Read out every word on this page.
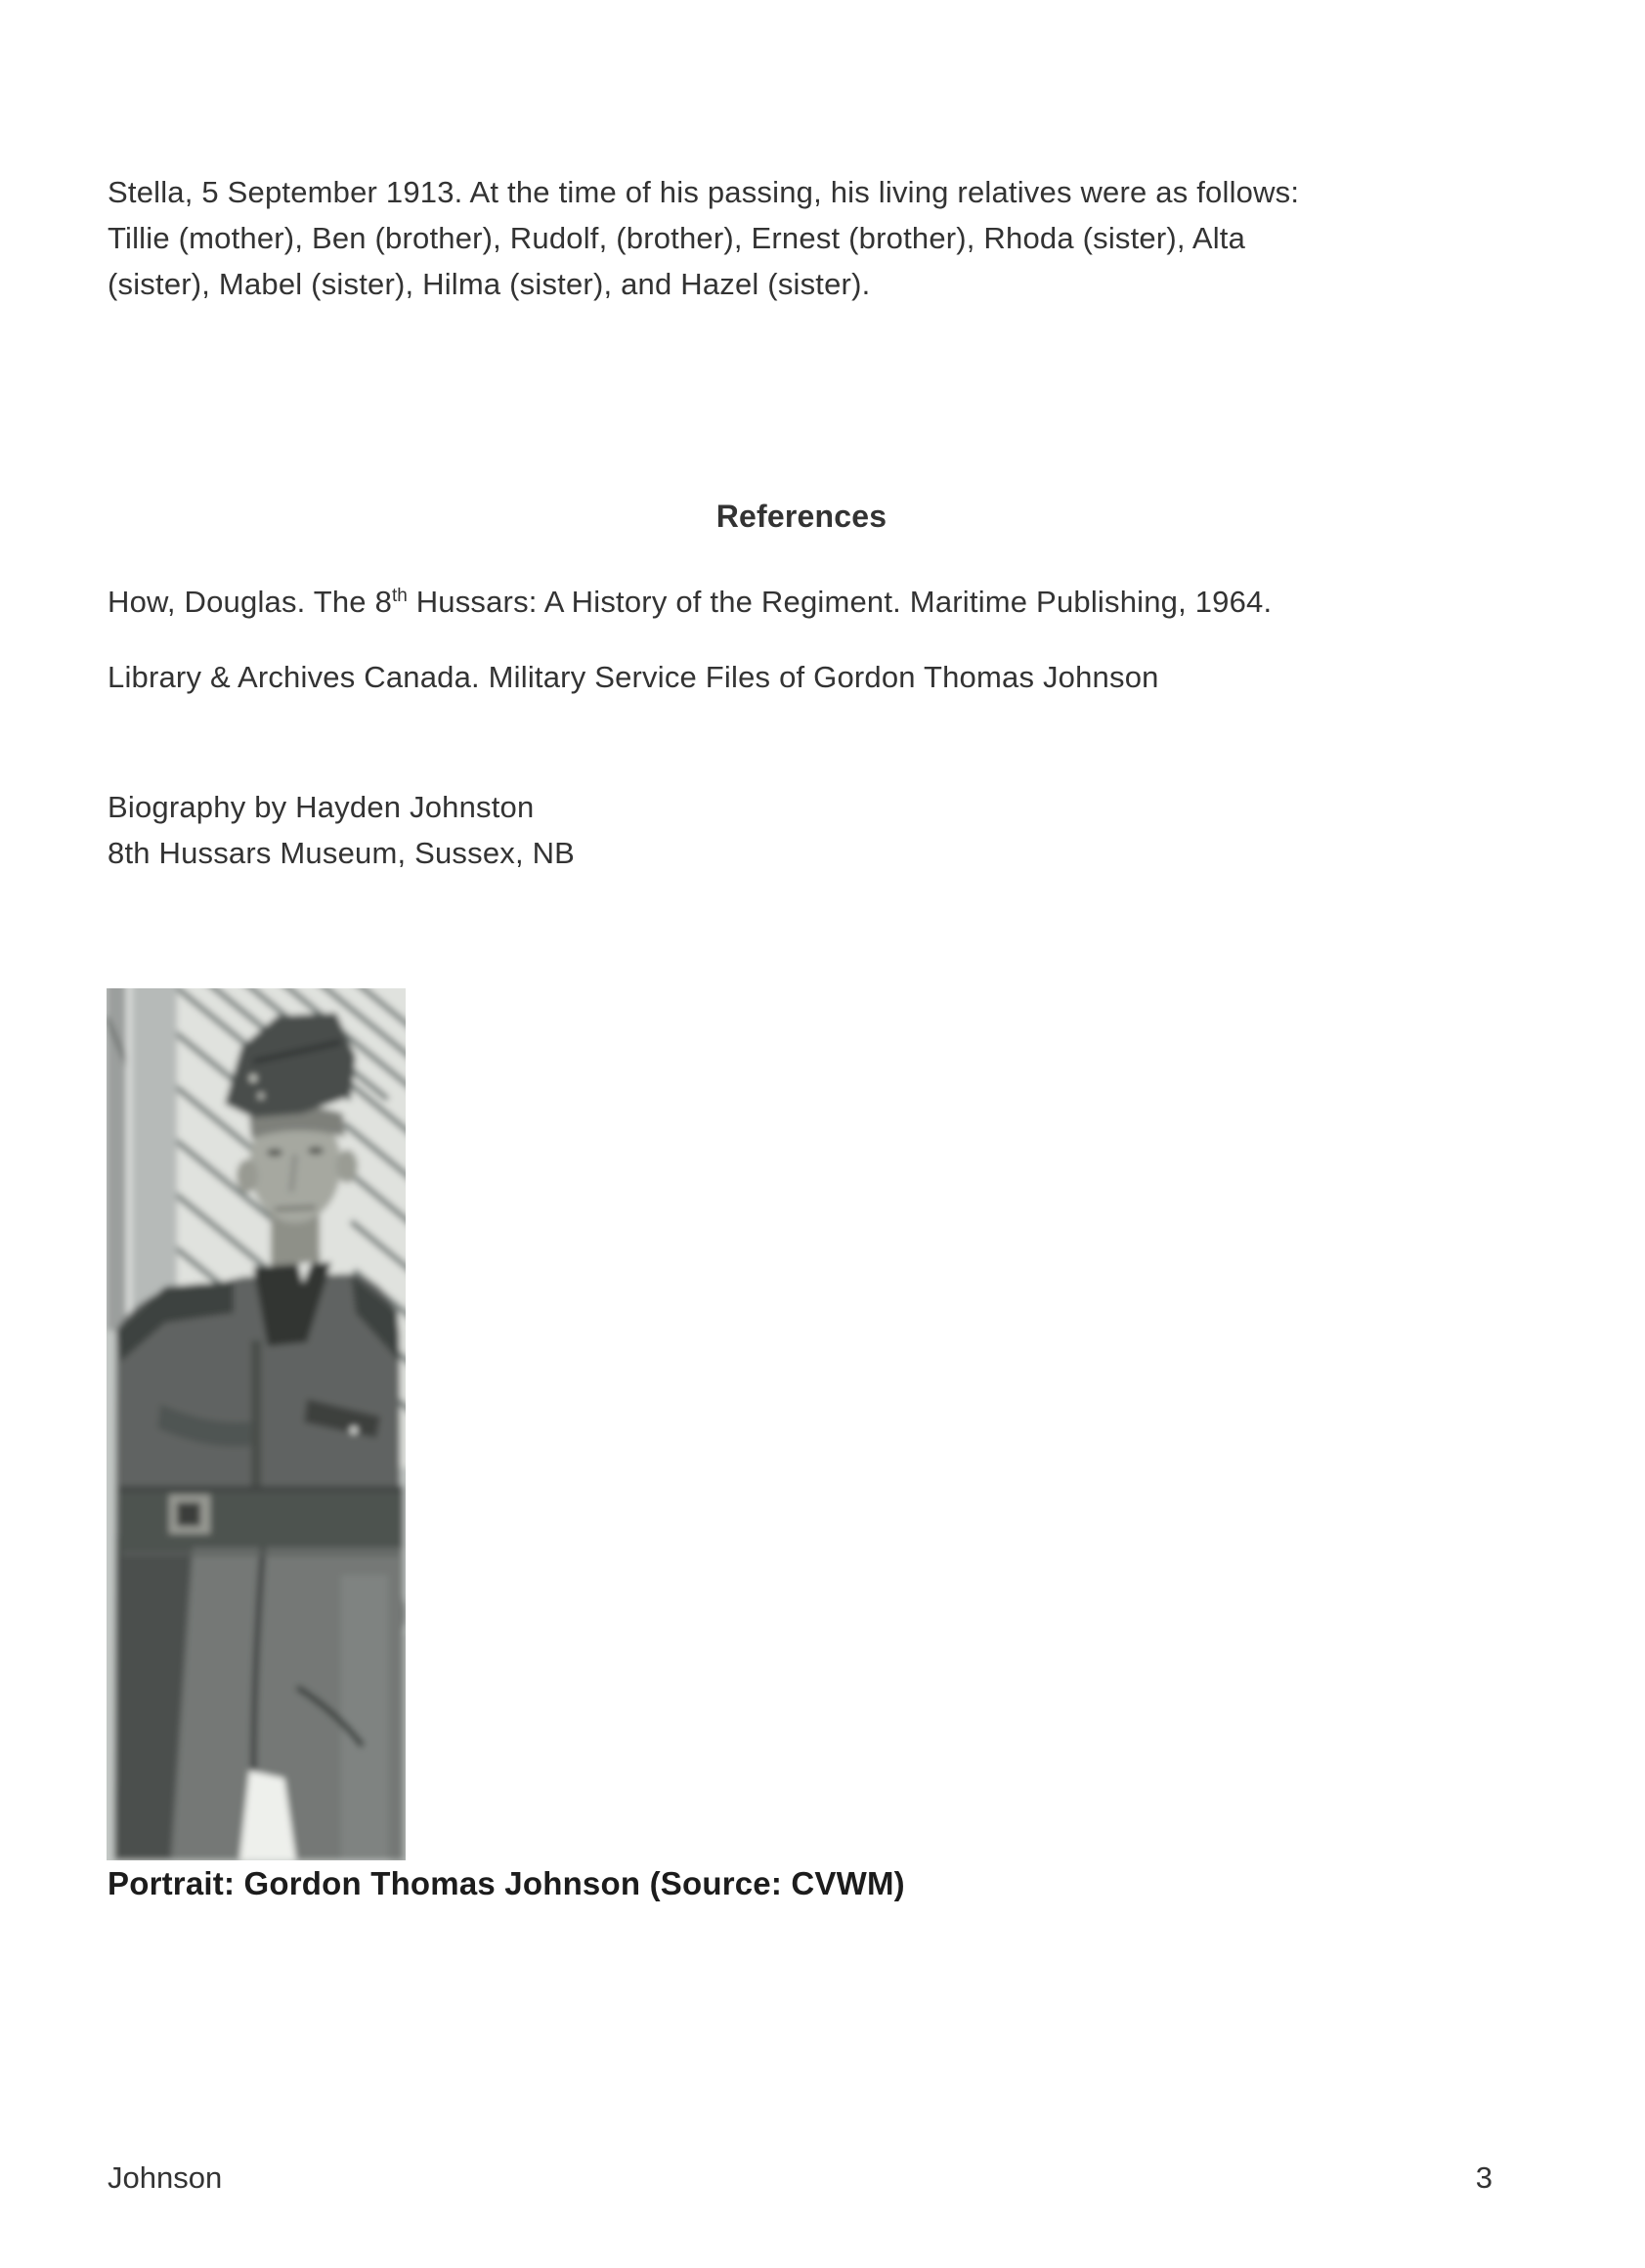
Stella, 5 September 1913. At the time of his passing, his living relatives were as follows:
Tillie (mother), Ben (brother), Rudolf, (brother), Ernest (brother), Rhoda (sister), Alta
(sister), Mabel (sister), Hilma (sister), and Hazel (sister).
References
How, Douglas. The 8th Hussars: A History of the Regiment. Maritime Publishing, 1964.
Library & Archives Canada. Military Service Files of Gordon Thomas Johnson
Biography by Hayden Johnston
8th Hussars Museum, Sussex, NB
Portrait: Gordon Thomas Johnson (Source: CVWM)
Johnson	3
